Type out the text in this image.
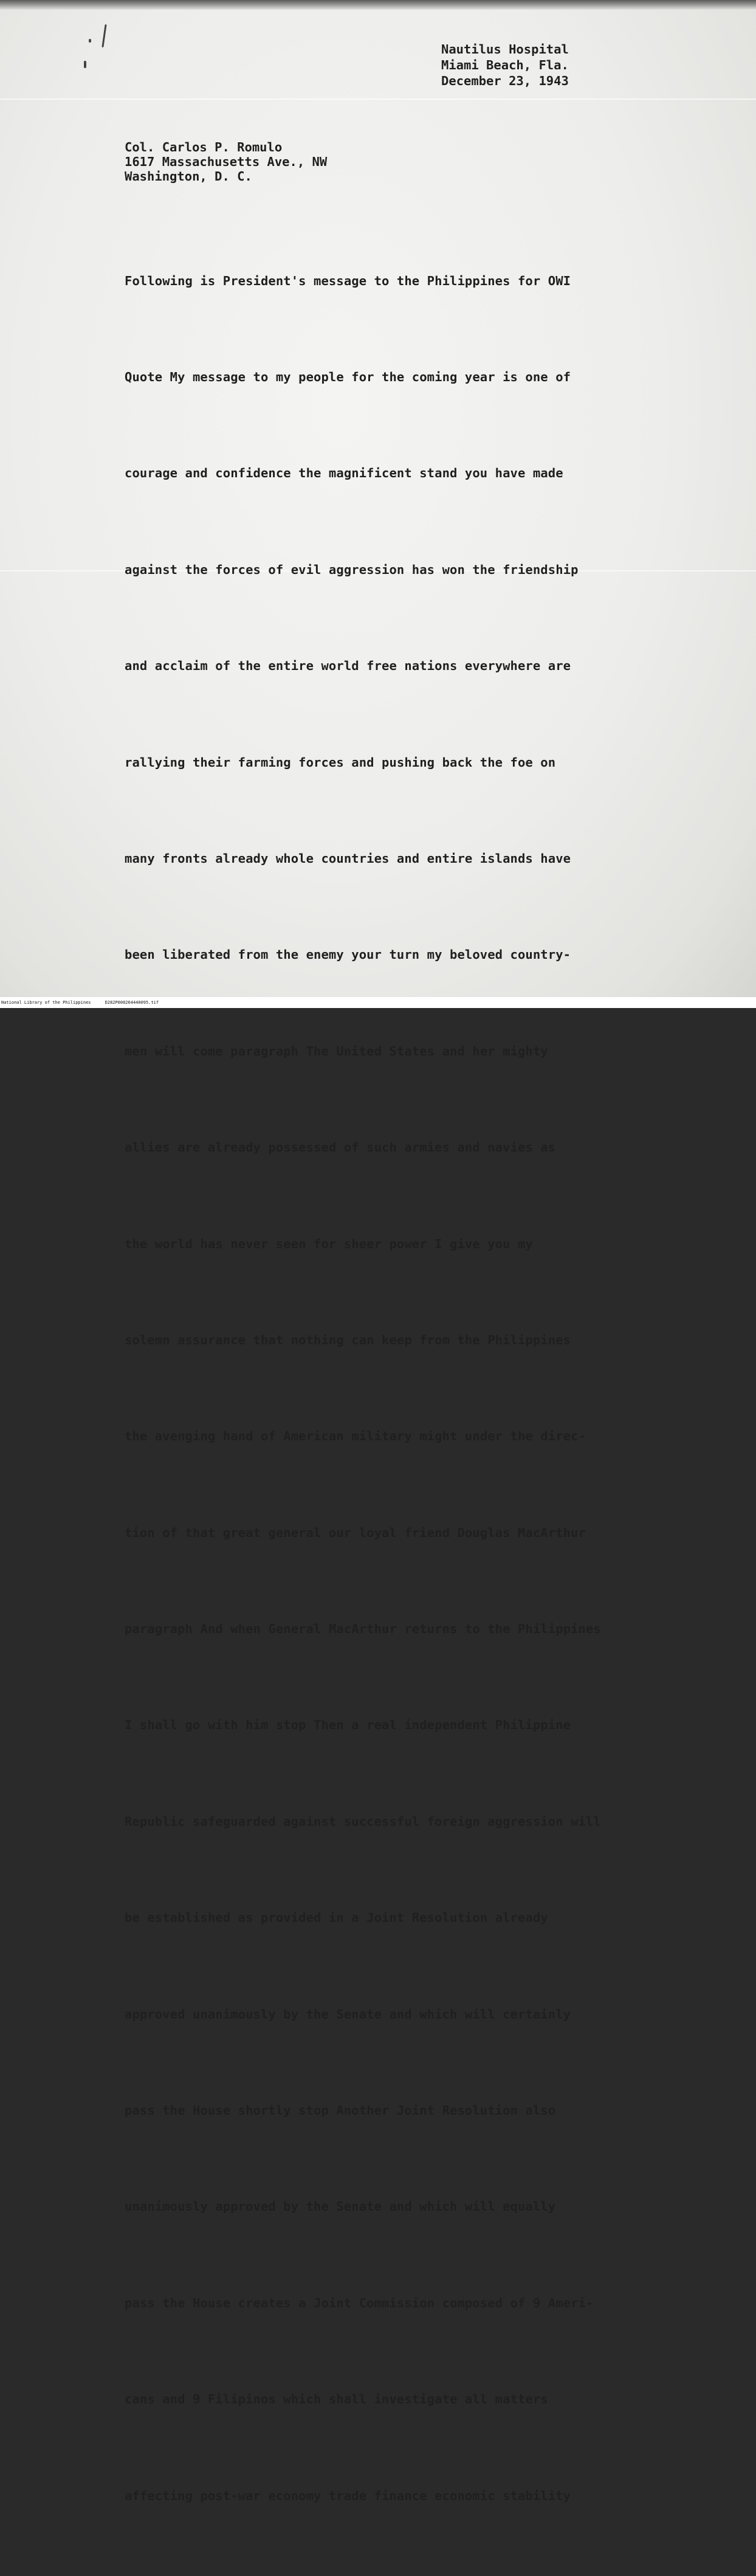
Nautilus Hospital
Miami Beach, Fla.
December 23, 1943
Col. Carlos P. Romulo
1617 Massachusetts Ave., NW
Washington, D. C.

Following is President's message to the Philippines for OWI

Quote My message to my people for the coming year is one of

courage and confidence the magnificent stand you have made

against the forces of evil aggression has won the friendship

and acclaim of the entire world free nations everywhere are

rallying their farming forces and pushing back the foe on

many fronts already whole countries and entire islands have

been liberated from the enemy your turn my beloved country-

men will come paragraph The United States and her mighty

allies are already possessed of such armies and navies as

the world has never seen for sheer power I give you my

solemn assurance that nothing can keep from the Philippines

the avenging hand of American military might under the direc-

tion of that great general our loyal friend Douglas MacArthur

paragraph And when General MacArthur returns to the Philippines

I shall go with him stop Then a real independent Philippine

Republic safeguarded against successful foreign aggression will

be established as provided in a Joint Resolution already

approved unanimously by the Senate and which will certainly

pass the House shortly stop Another Joint Resolution also

unanimously approved by the Senate and which will equally

pass the House creates a Joint Commission composed of 9 Ameri-

cans and 9 Filipinos which shall investigate all matters

affecting post-war economy trade finance economic stability

National Library of the Philippines	D282P000264440095.tif
